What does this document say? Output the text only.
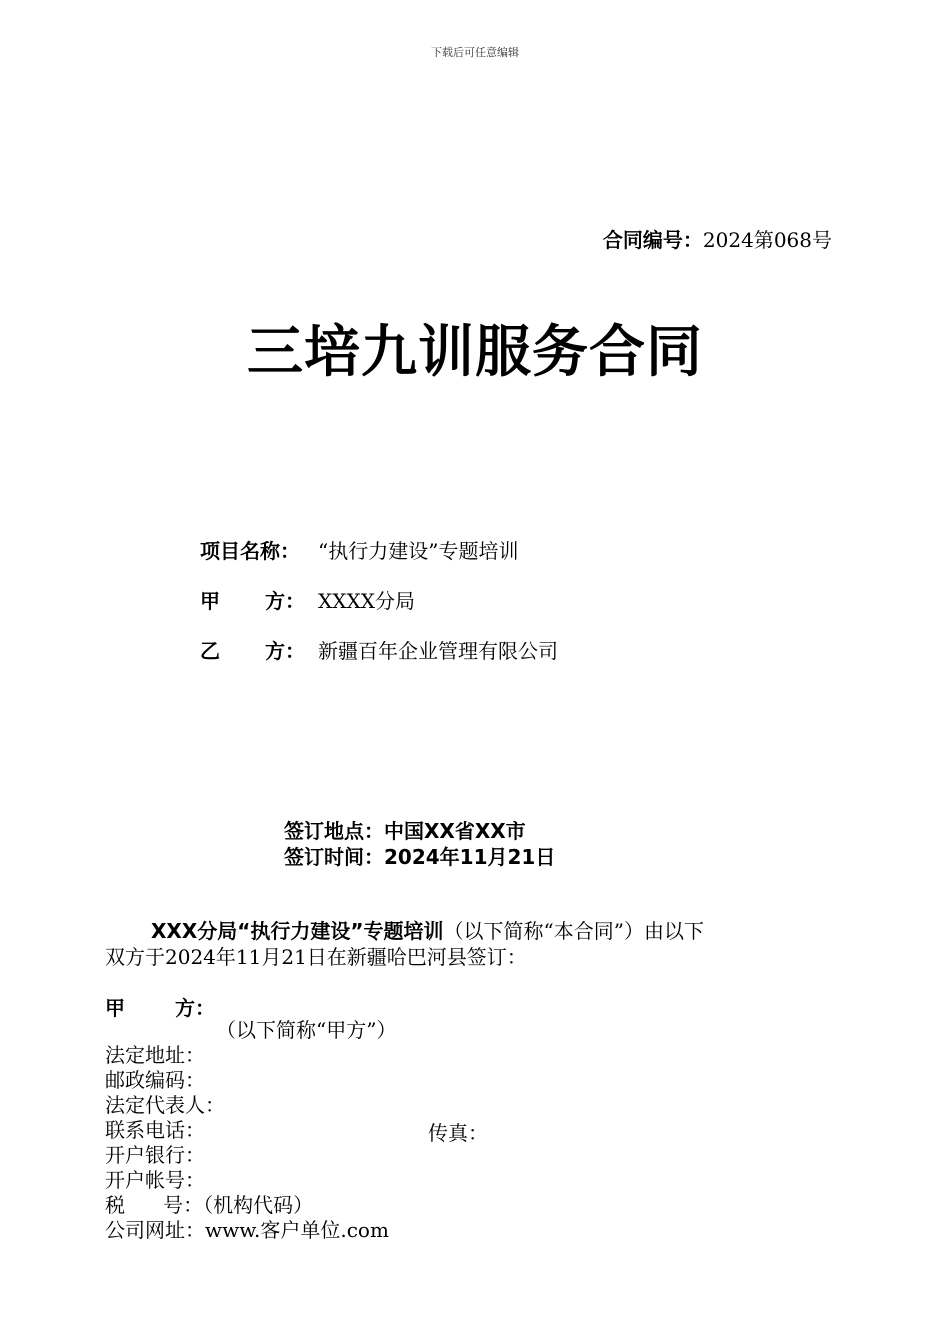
下载后可任意编辑
合同编号：2024第068号
三培九训服务合同
项目名称： “执行力建设”专题培训
甲 方： XXXX分局
乙 方： 新疆百年企业管理有限公司
签订地点：中国XX省XX市
签订时间：2024年11月21日
XXX分局“执行力建设”专题培训（以下简称“本合同”）由以下
双方于2024年11月21日在新疆哈巴河县签订：
甲	方：
（以下简称“甲方”）
法定地址：
邮政编码：
法定代表人：
联系电话：	传真：
开户银行：
开户帐号：
税      号：（机构代码）
公司网址：www.客户单位.com
